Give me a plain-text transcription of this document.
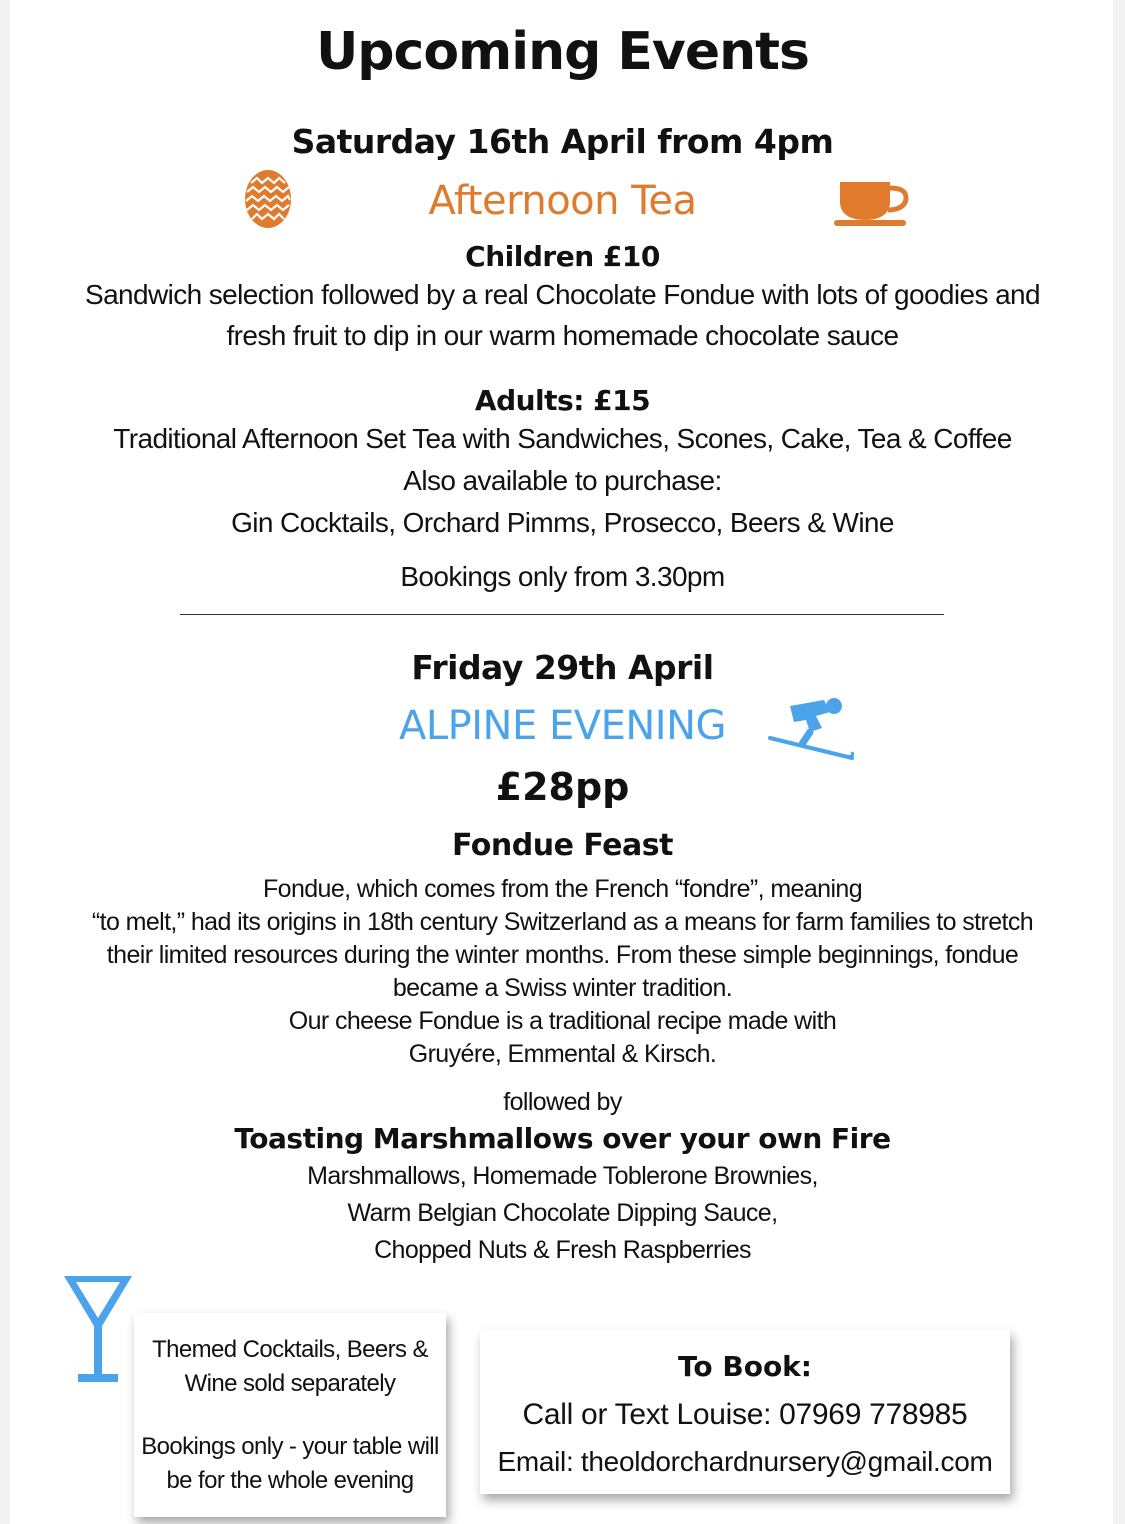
Upcoming Events
Saturday 16th April from 4pm
Afternoon Tea
Children £10
Sandwich selection followed by a real Chocolate Fondue with lots of goodies and
fresh fruit to dip in our warm homemade chocolate sauce
Adults: £15
Traditional Afternoon Set Tea with Sandwiches, Scones, Cake, Tea & Coffee
Also available to purchase:
Gin Cocktails, Orchard Pimms, Prosecco, Beers & Wine
Bookings only from 3.30pm
Friday 29th April
ALPINE EVENING
£28pp
Fondue Feast
Fondue, which comes from the French “fondre”, meaning
“to melt,” had its origins in 18th century Switzerland as a means for farm families to stretch
their limited resources during the winter months. From these simple beginnings, fondue
became a Swiss winter tradition.
Our cheese Fondue is a traditional recipe made with
Gruyére, Emmental & Kirsch.
followed by
Toasting Marshmallows over your own Fire
Marshmallows, Homemade Toblerone Brownies,
Warm Belgian Chocolate Dipping Sauce,
Chopped Nuts & Fresh Raspberries
Themed Cocktails, Beers &
Wine sold separately
Bookings only - your table will
be for the whole evening
To Book:
Call or Text Louise: 07969 778985
Email: theoldorchardnursery@gmail.com
